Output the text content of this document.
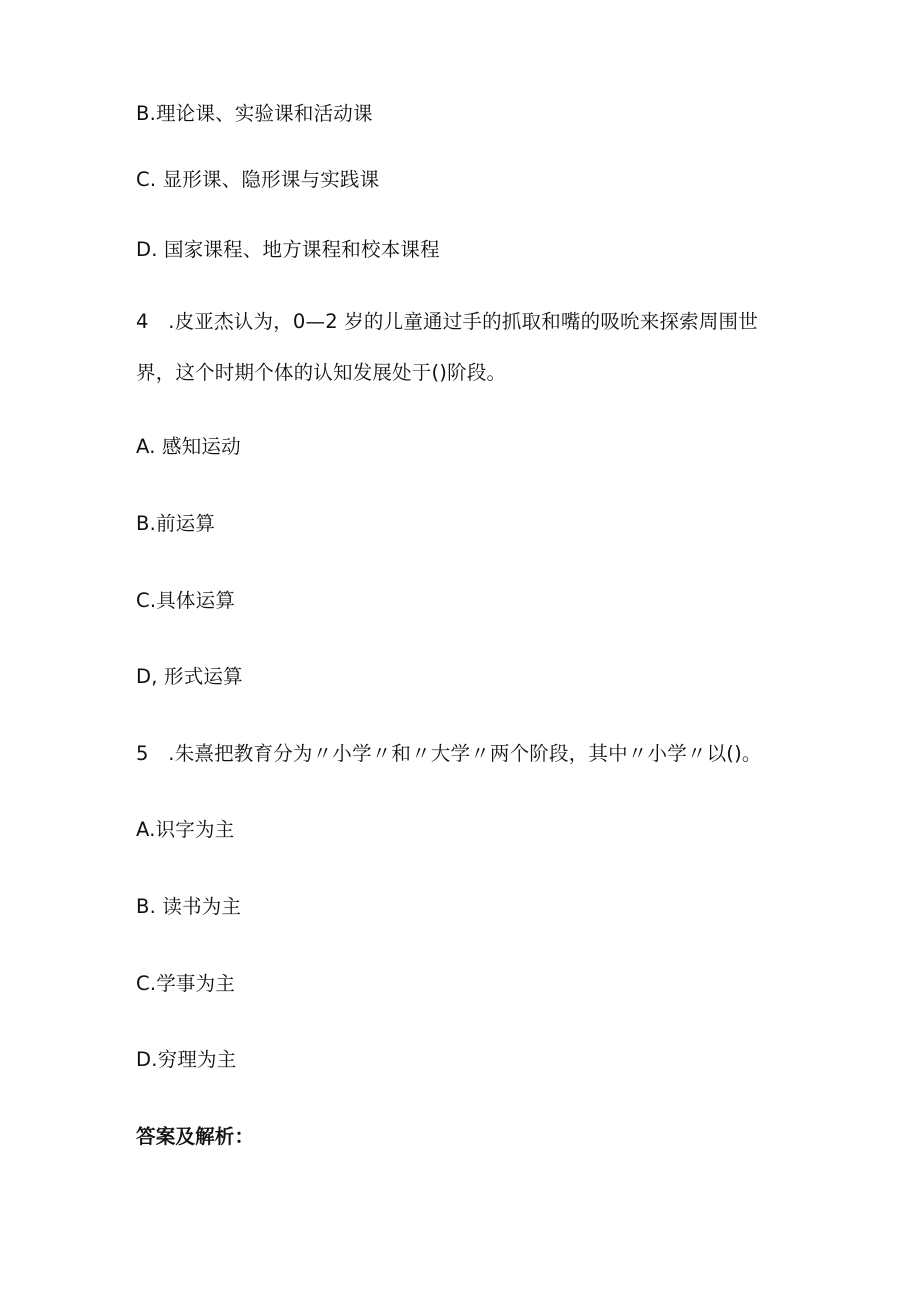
B.理论课、实验课和活动课
C. 显形课、隐形课与实践课
D. 国家课程、地方课程和校本课程
4　.皮亚杰认为，0—2 岁的儿童通过手的抓取和嘴的吸吮来探索周围世
界，这个时期个体的认知发展处于()阶段。
A. 感知运动
B.前运算
C.具体运算
D, 形式运算
5　.朱熹把教育分为〃小学〃和〃大学〃两个阶段，其中〃小学〃以()。
A.识字为主
B. 读书为主
C.学事为主
D.穷理为主
答案及解析：
